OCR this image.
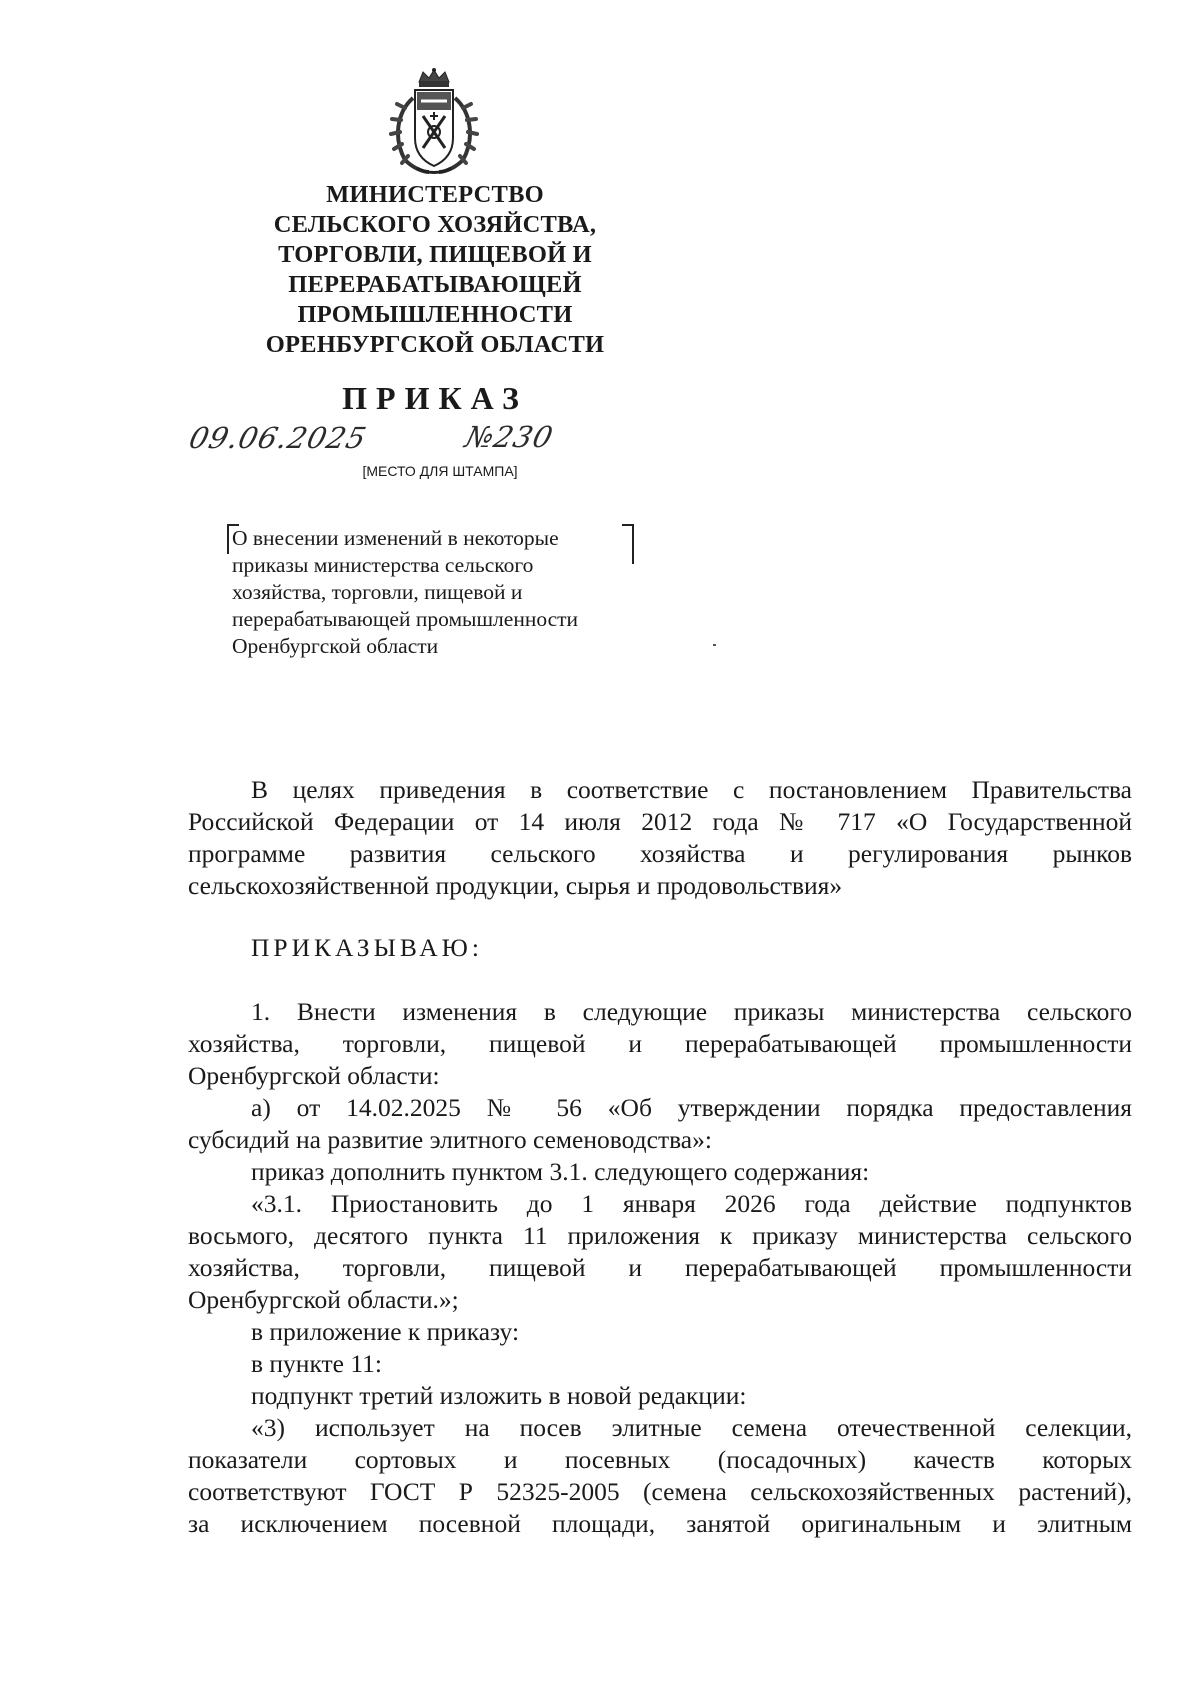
МИНИСТЕРСТВО
СЕЛЬСКОГО ХОЗЯЙСТВА,
ТОРГОВЛИ, ПИЩЕВОЙ И
ПЕРЕРАБАТЫВАЮЩЕЙ
ПРОМЫШЛЕННОСТИ
ОРЕНБУРГСКОЙ ОБЛАСТИ
ПРИКАЗ
09.06.2025	№230
[МЕСТО ДЛЯ ШТАМПА]
О внесении изменений в некоторые
приказы министерства сельского
хозяйства, торговли, пищевой и
перерабатывающей промышленности
Оренбургской области
В целях приведения в соответствие с постановлением Правительства
Российской Федерации от 14 июля 2012 года № 717 «О Государственной
программе развития сельского хозяйства и регулирования рынков
сельскохозяйственной продукции, сырья и продовольствия»
ПРИКАЗЫВАЮ:
1. Внести изменения в следующие приказы министерства сельского
хозяйства, торговли, пищевой и перерабатывающей промышленности
Оренбургской области:
а) от 14.02.2025 № 56 «Об утверждении порядка предоставления
субсидий на развитие элитного семеноводства»:
приказ дополнить пунктом 3.1. следующего содержания:
«3.1. Приостановить до 1 января 2026 года действие подпунктов
восьмого, десятого пункта 11 приложения к приказу министерства сельского
хозяйства, торговли, пищевой и перерабатывающей промышленности
Оренбургской области.»;
в приложение к приказу:
в пункте 11:
подпункт третий изложить в новой редакции:
«3) использует на посев элитные семена отечественной селекции,
показатели сортовых и посевных (посадочных) качеств которых
соответствуют ГОСТ Р 52325-2005 (семена сельскохозяйственных растений),
за исключением посевной площади, занятой оригинальным и элитным
